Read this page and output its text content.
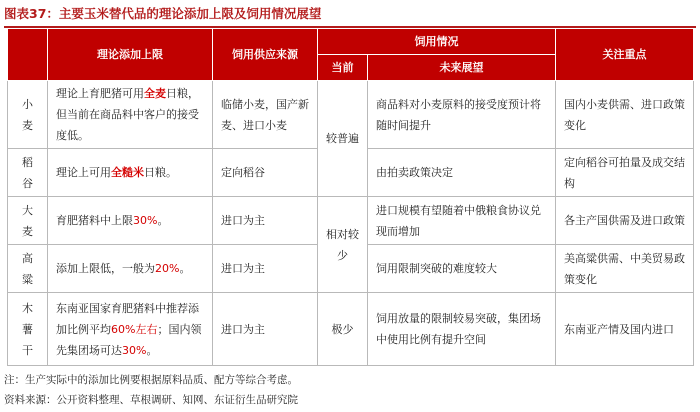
图表37：主要玉米替代品的理论添加上限及饲用情况展望
	理论添加上限	饲用供应来源	饲用情况		关注重点
			当前	未来展望	

小
麦	理论上育肥猪可用全麦日粮，但当前在商品料中客户的接受度低。	临储小麦，国产新麦、进口小麦	较普遍	商品料对小麦原料的接受度预计将随时间提升	国内小麦供需、进口政策变化

稻
谷	理论上可用全糙米日粮。	定向稻谷		由拍卖政策决定	定向稻谷可拍量及成交结构

大
麦	育肥猪料中上限30%。	进口为主	相对较少	进口规模有望随着中俄粮食协议兑现而增加	各主产国供需及进口政策

高
粱	添加上限低，一般为20%。	进口为主		饲用限制突破的难度较大	美高粱供需、中美贸易政策变化

木
薯
干	东南亚国家育肥猪料中推荐添加比例平均60%左右；国内领先集团场可达30%。	进口为主	极少	饲用放量的限制较易突破，集团场中使用比例有提升空间	东南亚产情及国内进口
注：生产实际中的添加比例要根据原料品质、配方等综合考虑。
资料来源：公开资料整理、草根调研、知网、东证衍生品研究院
